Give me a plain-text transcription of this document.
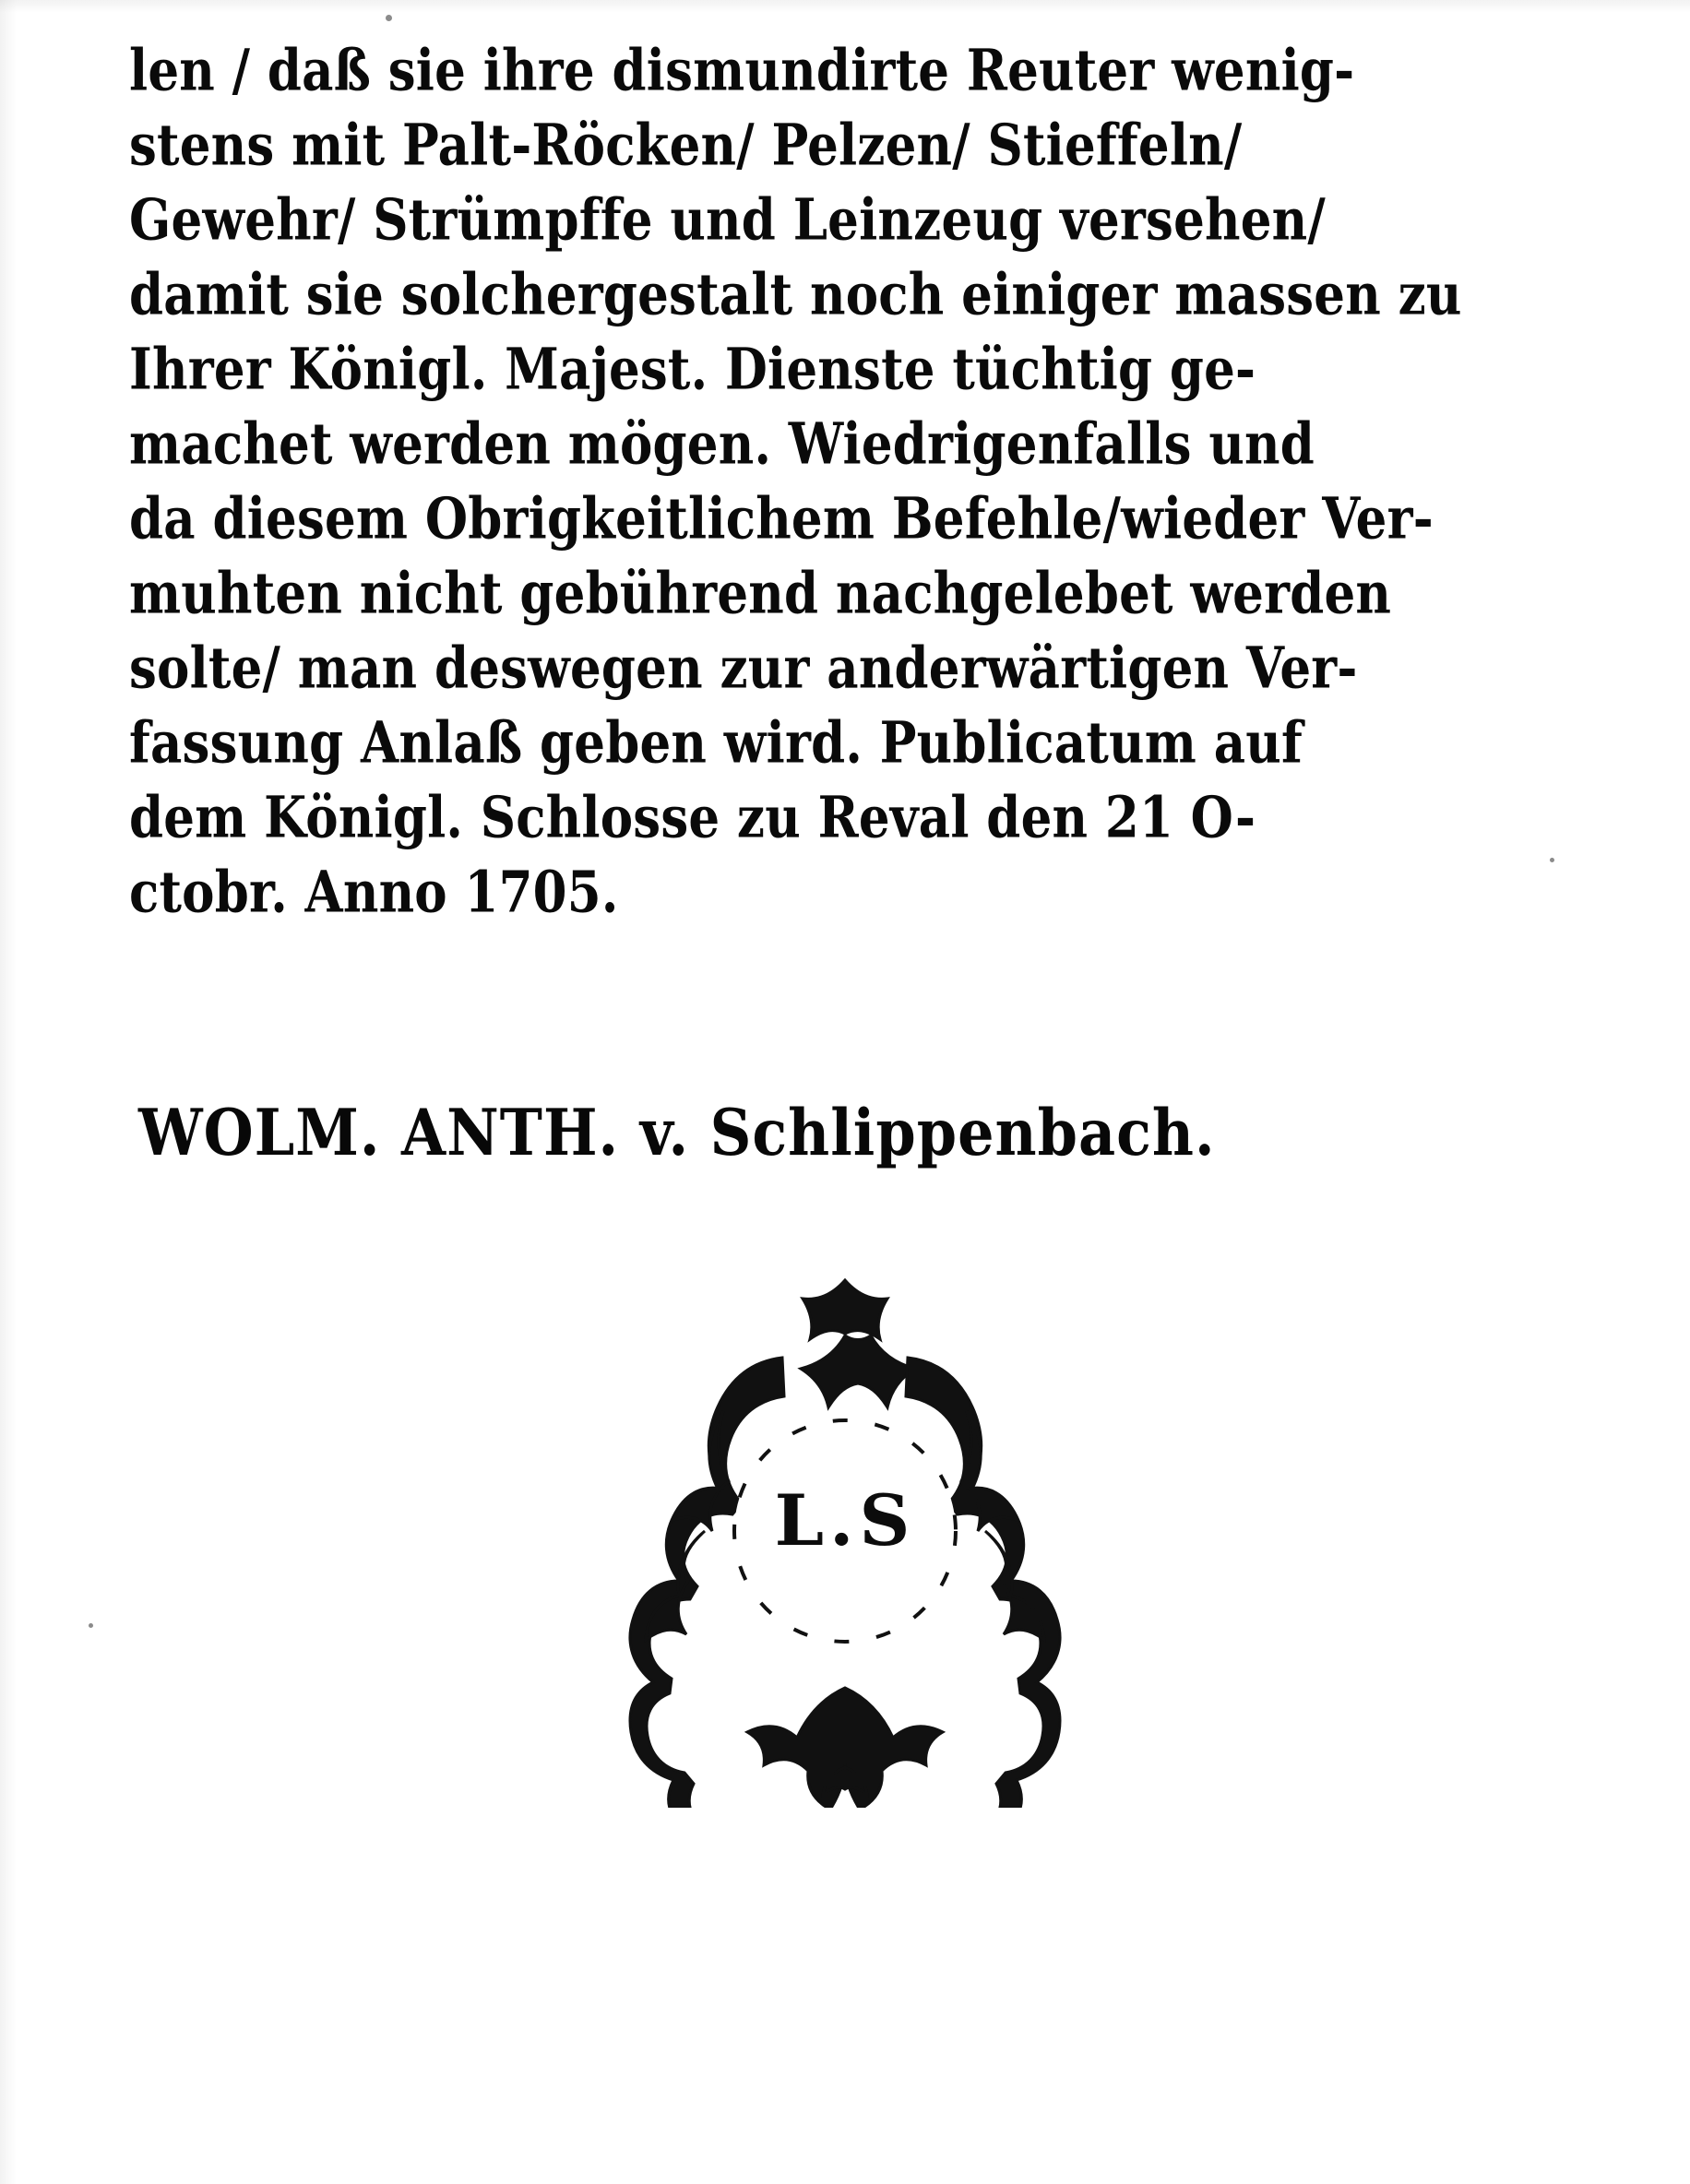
len / daß sie ihre dismundirte Reuter wenig-
stens mit Palt-Röcken/ Pelzen/ Stieffeln/
Gewehr/ Strümpffe und Leinzeug versehen/
damit sie solchergestalt noch einiger massen zu
Ihrer Königl. Majest. Dienste tüchtig ge-
machet werden mögen. Wiedrigenfalls und
da diesem Obrigkeitlichem Befehle/wieder Ver-
muhten nicht gebührend nachgelebet werden
solte/ man deswegen zur anderwärtigen Ver-
fassung Anlaß geben wird. Publicatum auf
dem Königl. Schlosse zu Reval den 21 O-
ctobr. Anno 1705.
WOLM. ANTH. v. Schlippenbach.
L.S
